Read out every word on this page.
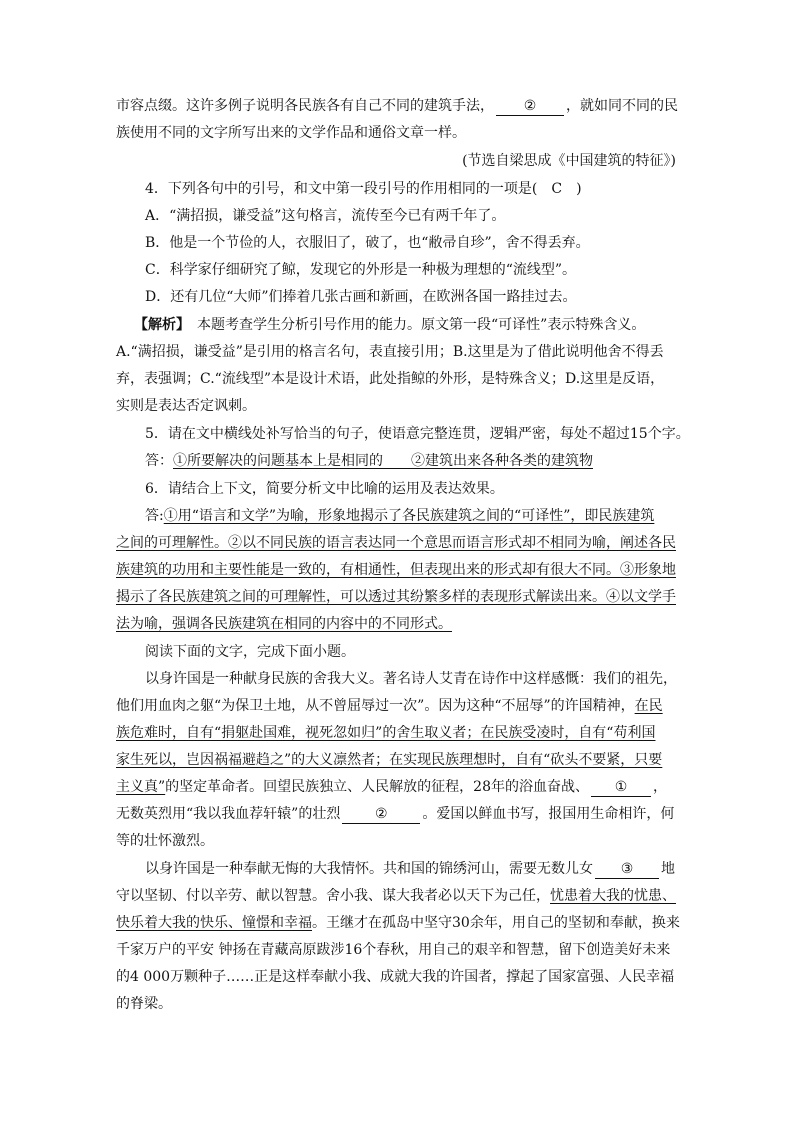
市容点缀。这许多例子说明各民族各有自己不同的建筑手法， ② ，就如同不同的民
族使用不同的文字所写出来的文学作品和通俗文章一样。
(节选自梁思成《中国建筑的特征》)
4．下列各句中的引号，和文中第一段引号的作用相同的一项是(　C　)
A．“满招损，谦受益”这句格言，流传至今已有两千年了。
B．他是一个节俭的人，衣服旧了，破了，也“敝帚自珍”，舍不得丢弃。
C．科学家仔细研究了鲸，发现它的外形是一种极为理想的“流线型”。
D．还有几位“大师”们捧着几张古画和新画，在欧洲各国一路挂过去。
【解析】　本题考查学生分析引号作用的能力。原文第一段“可译性”表示特殊含义。
A.“满招损，谦受益”是引用的格言名句，表直接引用；B.这里是为了借此说明他舍不得丢
弃，表强调；C.“流线型”本是设计术语，此处指鲸的外形，是特殊含义；D.这里是反语，
实则是表达否定讽刺。
5．请在文中横线处补写恰当的句子，使语意完整连贯，逻辑严密，每处不超过15个字。
答：①所要解决的问题基本上是相同的　　②建筑出来各种各类的建筑物
6．请结合上下文，简要分析文中比喻的运用及表达效果。
答:①用“语言和文学”为喻，形象地揭示了各民族建筑之间的“可译性”，即民族建筑
之间的可理解性。②以不同民族的语言表达同一个意思而语言形式却不相同为喻，阐述各民
族建筑的功用和主要性能是一致的，有相通性，但表现出来的形式却有很大不同。③形象地
揭示了各民族建筑之间的可理解性，可以透过其纷繁多样的表现形式解读出来。④以文学手
法为喻，强调各民族建筑在相同的内容中的不同形式。
阅读下面的文字，完成下面小题。
以身许国是一种献身民族的舍我大义。著名诗人艾青在诗作中这样感慨：我们的祖先，
他们用血肉之躯“为保卫土地，从不曾屈辱过一次”。因为这种“不屈辱”的许国精神，在民
族危难时，自有“捐躯赴国难，视死忽如归”的舍生取义者；在民族受凌时，自有“苟利国
家生死以，岂因祸福避趋之”的大义凛然者；在实现民族理想时，自有“砍头不要紧，只要
主义真”的坚定革命者。回望民族独立、人民解放的征程，28年的浴血奋战、 ① ，
无数英烈用“我以我血荐轩辕”的壮烈 ② 。爱国以鲜血书写，报国用生命相许，何
等的壮怀激烈。
以身许国是一种奉献无悔的大我情怀。共和国的锦绣河山，需要无数儿女 ③ 地
守以坚韧、付以辛劳、献以智慧。舍小我、谋大我者必以天下为己任，忧患着大我的忧患、
快乐着大我的快乐、憧憬和幸福。王继才在孤岛中坚守30余年，用自己的坚韧和奉献，换来
千家万户的平安 钟扬在青藏高原跋涉16个春秋，用自己的艰辛和智慧，留下创造美好未来
的4 000万颗种子……正是这样奉献小我、成就大我的许国者，撑起了国家富强、人民幸福
的脊梁。
